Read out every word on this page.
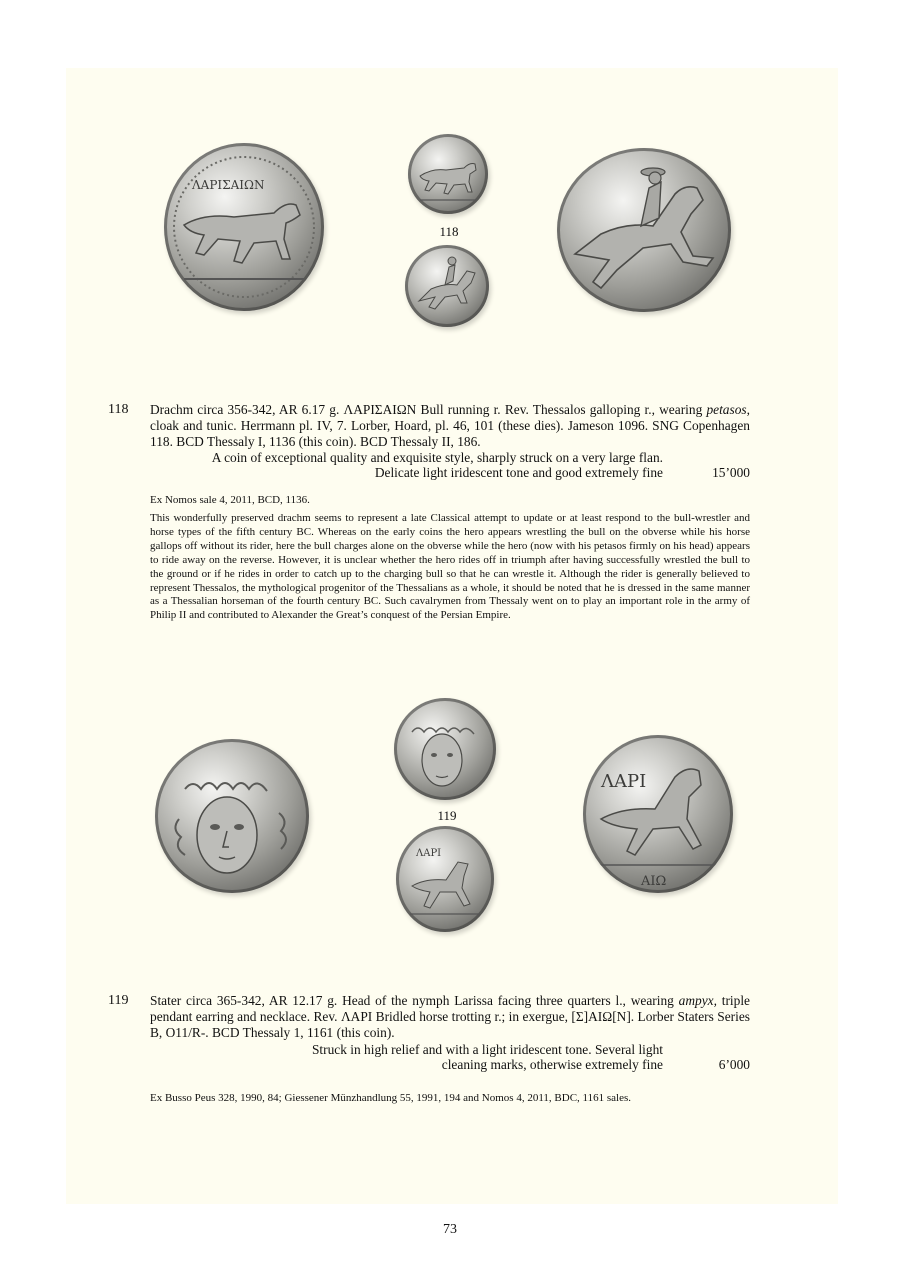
ΛΑΡΙΣΑΙΩΝ
118
118 Drachm circa 356-342, AR 6.17 g. ΛΑΡΙΣΑΙΩΝ Bull running r. Rev. Thessalos galloping r., wearing petasos, cloak and tunic. Herrmann pl. IV, 7. Lorber, Hoard, pl. 46, 101 (these dies). Jameson 1096. SNG Copenhagen 118. BCD Thessaly I, 1136 (this coin). BCD Thessaly II, 186.
A coin of exceptional quality and exquisite style, sharply struck on a very large flan.
Delicate light iridescent tone and good extremely fine	15’000
Ex Nomos sale 4, 2011, BCD, 1136.
This wonderfully preserved drachm seems to represent a late Classical attempt to update or at least respond to the bull-wrestler and horse types of the fifth century BC. Whereas on the early coins the hero appears wrestling the bull on the obverse while his horse gallops off without its rider, here the bull charges alone on the obverse while the hero (now with his petasos firmly on his head) appears to ride away on the reverse. However, it is unclear whether the hero rides off in triumph after having successfully wrestled the bull to the ground or if he rides in order to catch up to the charging bull so that he can wrestle it. Although the rider is generally believed to represent Thessalos, the mythological progenitor of the Thessalians as a whole, it should be noted that he is dressed in the same manner as a Thessalian horseman of the fourth century BC. Such cavalrymen from Thessaly went on to play an important role in the army of Philip II and contributed to Alexander the Great’s conquest of the Persian Empire.
119
ΛΑΡΙ
ΛΑΡΙ
ΑΙΩ
119 Stater circa 365-342, AR 12.17 g. Head of the nymph Larissa facing three quarters l., wearing ampyx, triple pendant earring and necklace. Rev. ΛΑΡΙ Bridled horse trotting r.; in exergue, [Σ]ΑΙΩ[Ν]. Lorber Staters Series B, O11/R-. BCD Thessaly 1, 1161 (this coin).
Struck in high relief and with a light iridescent tone. Several light
cleaning marks, otherwise extremely fine	6’000
Ex Busso Peus 328, 1990, 84; Giessener Münzhandlung 55, 1991, 194 and Nomos 4, 2011, BDC, 1161 sales.
73
